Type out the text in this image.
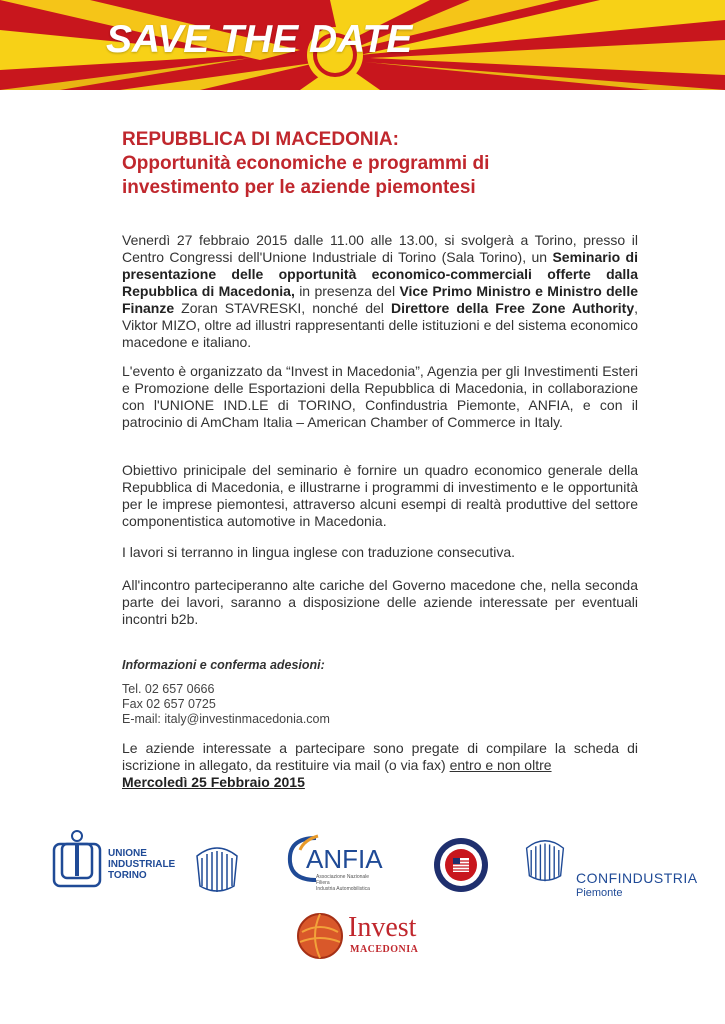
SAVE THE DATE
REPUBBLICA DI MACEDONIA:
Opportunità economiche e programmi di investimento per le aziende piemontesi
Venerdì 27 febbraio 2015 dalle 11.00 alle 13.00, si svolgerà a Torino, presso il Centro Congressi dell'Unione Industriale di Torino (Sala Torino), un Seminario di presentazione delle opportunità economico-commerciali offerte dalla Repubblica di Macedonia, in presenza del Vice Primo Ministro e Ministro delle Finanze Zoran STAVRESKI, nonché del Direttore della Free Zone Authority, Viktor MIZO, oltre ad illustri rappresentanti delle istituzioni e del sistema economico macedone e italiano.
L'evento è organizzato da “Invest in Macedonia”, Agenzia per gli Investimenti Esteri e Promozione delle Esportazioni della Repubblica di Macedonia, in collaborazione con l'UNIONE IND.LE di TORINO, Confindustria Piemonte, ANFIA, e con il patrocinio di AmCham Italia – American Chamber of Commerce in Italy.
Obiettivo prinicipale del seminario è fornire un quadro economico generale della Repubblica di Macedonia, e illustrarne i programmi di investimento e le opportunità per le imprese piemontesi, attraverso alcuni esempi di realtà produttive del settore componentistica automotive in Macedonia.
I lavori si terranno in lingua inglese con traduzione consecutiva.
All'incontro parteciperanno alte cariche del Governo macedone che, nella seconda parte dei lavori, saranno a disposizione delle aziende interessate per eventuali incontri b2b.
Informazioni e conferma adesioni:
Tel. 02 657 0666
Fax 02 657 0725
E-mail: italy@investinmacedonia.com
Le aziende interessate a partecipare sono pregate di compilare la scheda di iscrizione in allegato, da restituire via mail (o via fax) entro e non oltre
Mercoledì 25 Febbraio 2015
UNIONE
INDUSTRIALE
TORINO
ANFIA
Associazione Nazionale
Filiera
Industria Automobilistica
CONFINDUSTRIA
Piemonte
Invest
MACEDONIA
